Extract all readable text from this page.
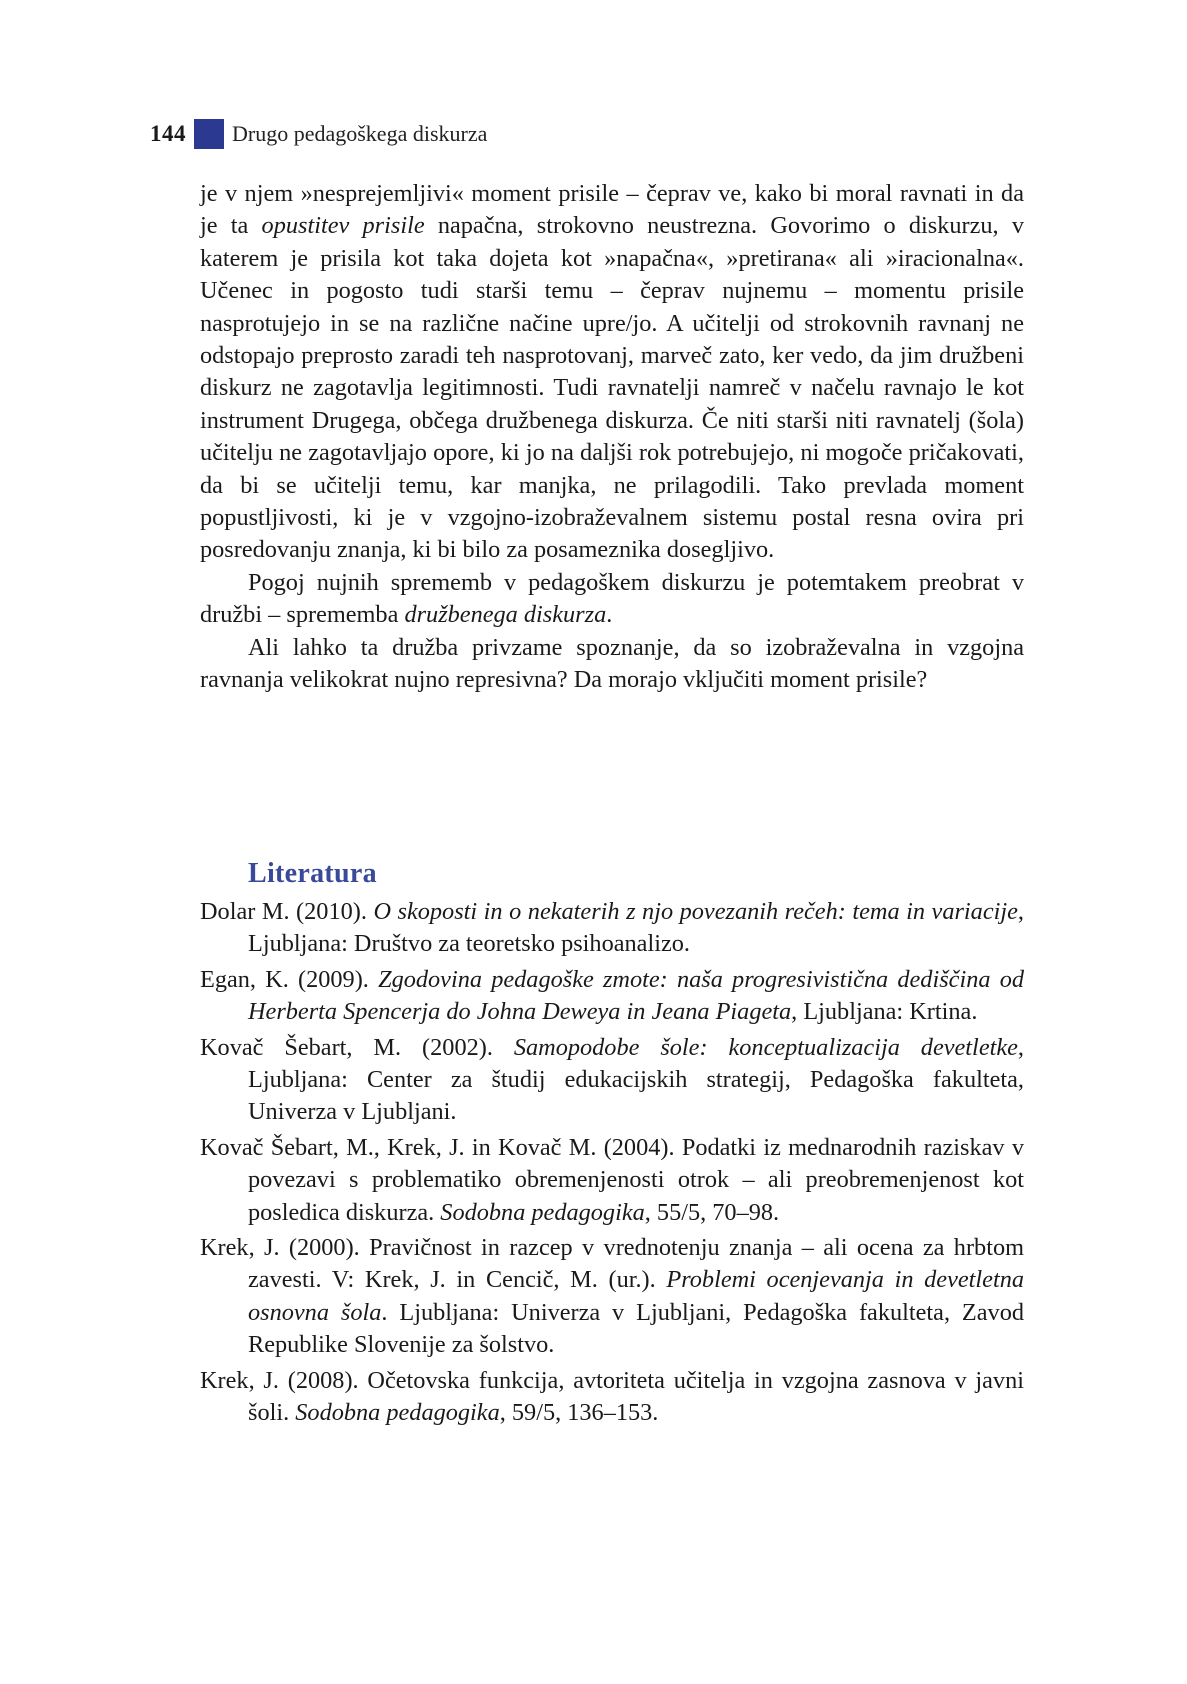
144 Drugo pedagoškega diskurza

je v njem »nesprejemljivi« moment prisile – čeprav ve, kako bi moral ravnati in da je ta opustitev prisile napačna, strokovno neustrezna. Govorimo o diskurzu, v katerem je prisila kot taka dojeta kot »napačna«, »pretirana« ali »iracionalna«. Učenec in pogosto tudi starši temu – čeprav nujnemu – momentu prisile nasprotujejo in se na različne načine upre/jo. A učitelji od strokovnih ravnanj ne odstopajo preprosto zaradi teh nasprotovanj, marveč zato, ker vedo, da jim družbeni diskurz ne zagotavlja legitimnosti. Tudi ravnatelji namreč v načelu ravnajo le kot instrument Drugega, občega družbenega diskurza. Če niti starši niti ravnatelj (šola) učitelju ne zagotavljajo opore, ki jo na daljši rok potrebujejo, ni mogoče pričakovati, da bi se učitelji temu, kar manjka, ne prilagodili. Tako prevlada moment popustljivosti, ki je v vzgojno-izobraževalnem sistemu postal resna ovira pri posredovanju znanja, ki bi bilo za posameznika dosegljivo.

Pogoj nujnih sprememb v pedagoškem diskurzu je potemtakem preobrat v družbi – sprememba družbenega diskurza.

Ali lahko ta družba privzame spoznanje, da so izobraževalna in vzgojna ravnanja velikokrat nujno represivna? Da morajo vključiti moment prisile?

Literatura

Dolar M. (2010). O skoposti in o nekaterih z njo povezanih rečeh: tema in variacije, Ljubljana: Društvo za teoretsko psihoanalizo.

Egan, K. (2009). Zgodovina pedagoške zmote: naša progresivistična dediščina od Herberta Spencerja do Johna Deweya in Jeana Piageta, Ljubljana: Krtina.

Kovač Šebart, M. (2002). Samopodobe šole: konceptualizacija devetletke, Ljubljana: Center za študij edukacijskih strategij, Pedagoška fakulteta, Univerza v Ljubljani.

Kovač Šebart, M., Krek, J. in Kovač M. (2004). Podatki iz mednarodnih raziskav v povezavi s problematiko obremenjenosti otrok – ali preobremenjenost kot posledica diskurza. Sodobna pedagogika, 55/5, 70–98.

Krek, J. (2000). Pravičnost in razcep v vrednotenju znanja – ali ocena za hrbtom zavesti. V: Krek, J. in Cencič, M. (ur.). Problemi ocenjevanja in devetletna osnovna šola. Ljubljana: Univerza v Ljubljani, Pedagoška fakulteta, Zavod Republike Slovenije za šolstvo.

Krek, J. (2008). Očetovska funkcija, avtoriteta učitelja in vzgojna zasnova v javni šoli. Sodobna pedagogika, 59/5, 136–153.
